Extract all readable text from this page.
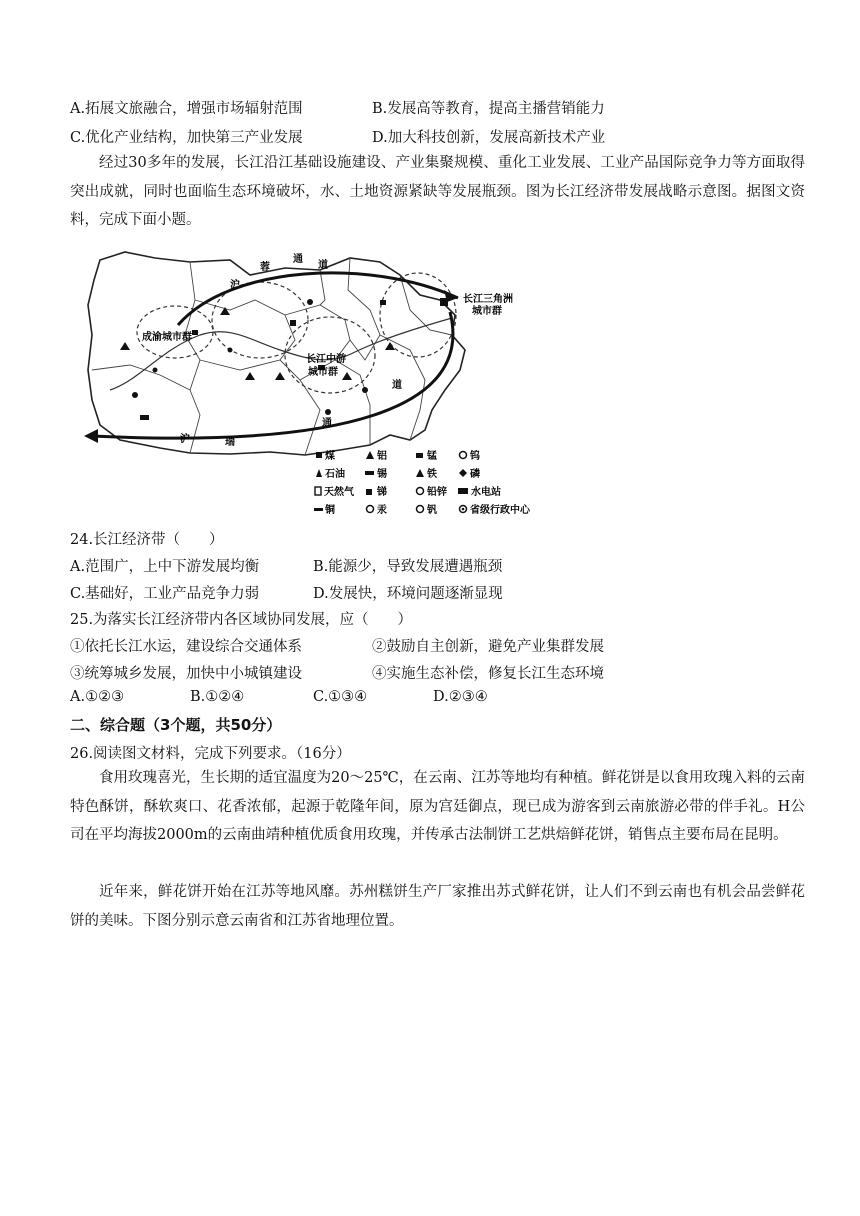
A.拓展文旅融合，增强市场辐射范围	B.发展高等教育，提高主播营销能力
C.优化产业结构，加快第三产业发展	D.加大科技创新，发展高新技术产业
经过30多年的发展，长江沿江基础设施建设、产业集聚规模、重化工业发展、工业产品国际竞争力等方面取得突出成就，同时也面临生态环境破坏，水、土地资源紧缺等发展瓶颈。图为长江经济带发展战略示意图。据图文资料，完成下面小题。
成渝城市群
长江中游
城市群
长江三角洲
城市群
沪
蓉
通
道
沪	瑞
通
道
煤	铝	锰	钨
石油	锡	铁	磷
天然气 锑	铅锌 水电站
铜	汞	钒	省级行政中心
24.长江经济带（　　）
A.范围广，上中下游发展均衡	B.能源少，导致发展遭遇瓶颈
C.基础好，工业产品竞争力弱	D.发展快，环境问题逐渐显现
25.为落实长江经济带内各区域协同发展，应（　　）
①依托长江水运，建设综合交通体系	②鼓励自主创新，避免产业集群发展
③统筹城乡发展，加快中小城镇建设	④实施生态补偿，修复长江生态环境
A.①②③	B.①②④	C.①③④	D.②③④
二、综合题（3个题，共50分）
26.阅读图文材料，完成下列要求。（16分）
食用玫瑰喜光，生长期的适宜温度为20～25℃，在云南、江苏等地均有种植。鲜花饼是以食用玫瑰入料的云南特色酥饼，酥软爽口、花香浓郁，起源于乾隆年间，原为宫廷御点，现已成为游客到云南旅游必带的伴手礼。H公司在平均海拔2000m的云南曲靖种植优质食用玫瑰，并传承古法制饼工艺烘焙鲜花饼，销售点主要布局在昆明。
近年来，鲜花饼开始在江苏等地风靡。苏州糕饼生产厂家推出苏式鲜花饼，让人们不到云南也有机会品尝鲜花饼的美味。下图分别示意云南省和江苏省地理位置。
